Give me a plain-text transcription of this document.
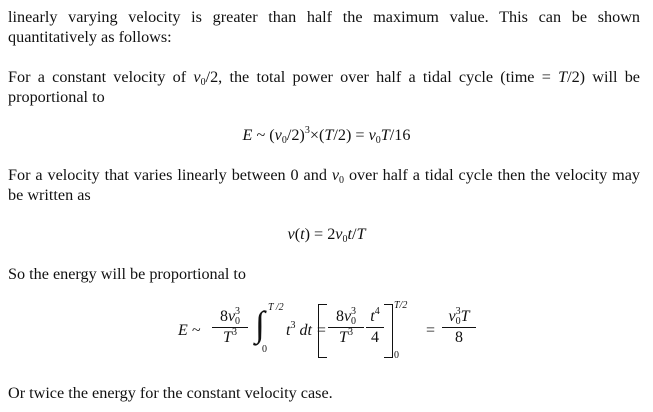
linearly varying velocity is greater than half the maximum value. This can be shown quantitatively as follows:
For a constant velocity of $v_0/2$, the total power over half a tidal cycle (time = T/2) will be proportional to
E ~ $(v_0/2)^3\times(T/2) = v_0T/16$
For a velocity that varies linearly between 0 and $v_0$ over half a tidal cycle then the velocity may be written as
$v(t) = 2v_0t/T$
So the energy will be proportional to
E ~
$8v_0^3$
$T^3$ ∫ T /2
0
$t^3$ dt =
$8v_0^3$
$T^3$
$t^4$
4
T/2
0
=
$v_0^3T$
8
Or twice the energy for the constant velocity case.
